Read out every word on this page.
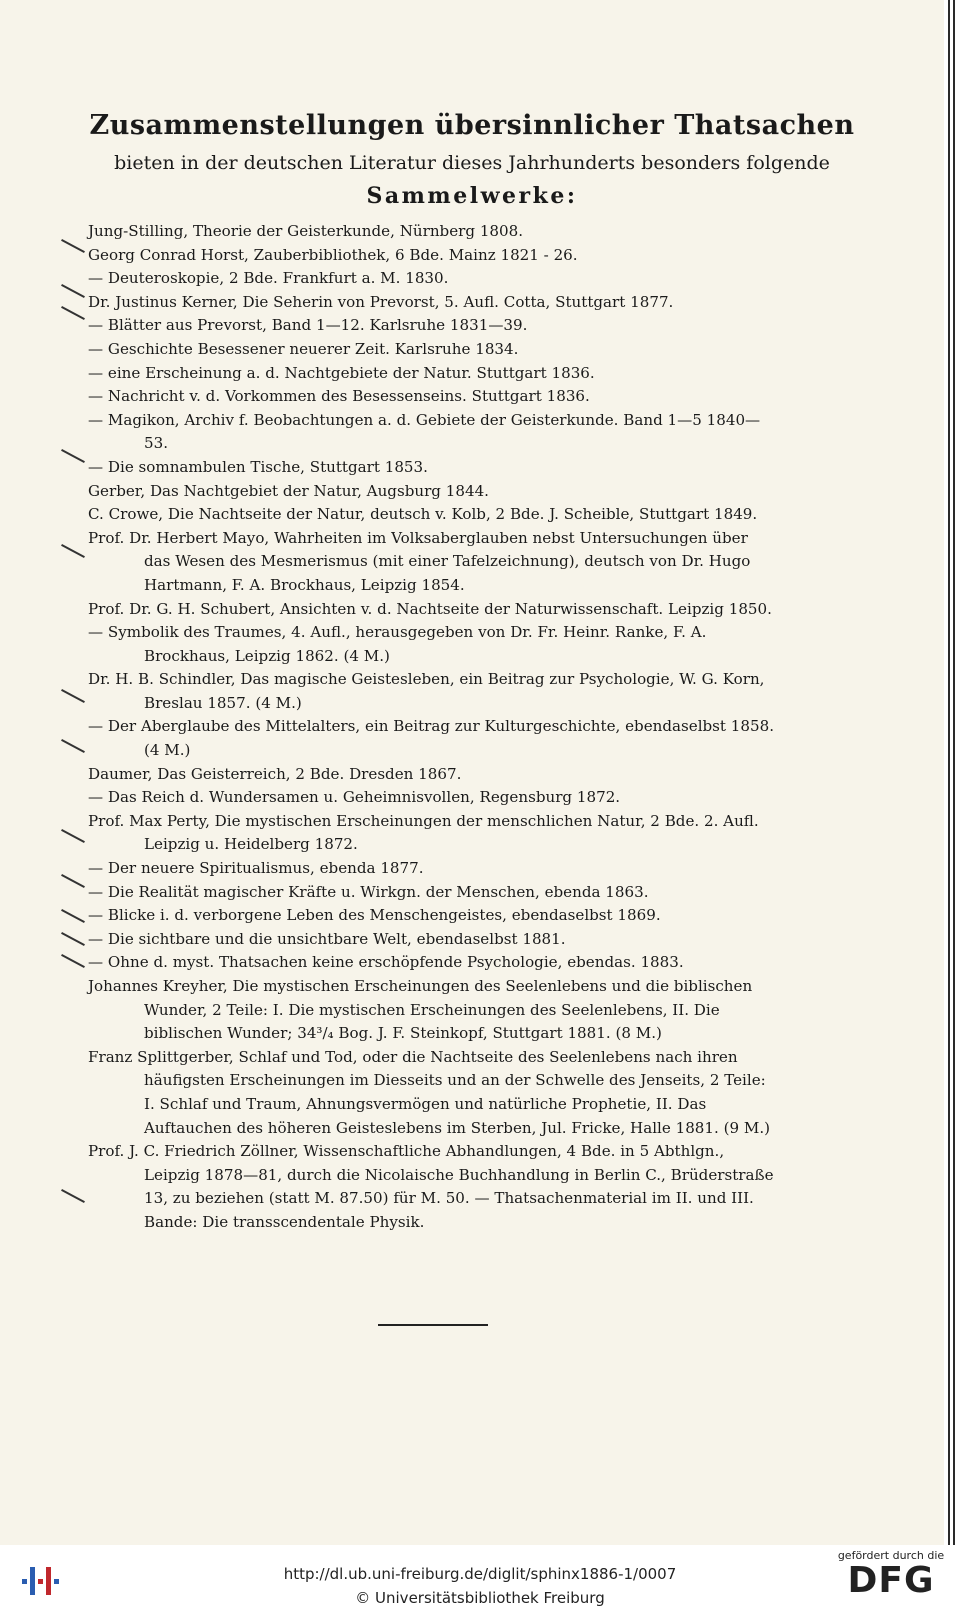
Zusammenstellungen übersinnlicher Thatsachen
bieten in der deutschen Literatur dieses Jahrhunderts besonders folgende
Sammelwerke:
Jung-Stilling, Theorie der Geisterkunde, Nürnberg 1808.
Georg Conrad Horst, Zauberbibliothek, 6 Bde. Mainz 1821 - 26.
— Deuteroskopie, 2 Bde. Frankfurt a. M. 1830.
Dr. Justinus Kerner, Die Seherin von Prevorst, 5. Aufl. Cotta, Stuttgart 1877.
— Blätter aus Prevorst, Band 1—12. Karlsruhe 1831—39.
— Geschichte Besessener neuerer Zeit. Karlsruhe 1834.
— eine Erscheinung a. d. Nachtgebiete der Natur. Stuttgart 1836.
— Nachricht v. d. Vorkommen des Besessenseins. Stuttgart 1836.
— Magikon, Archiv f. Beobachtungen a. d. Gebiete der Geisterkunde. Band 1—5 1840—53.
— Die somnambulen Tische, Stuttgart 1853.
Gerber, Das Nachtgebiet der Natur, Augsburg 1844.
C. Crowe, Die Nachtseite der Natur, deutsch v. Kolb, 2 Bde. J. Scheible, Stuttgart 1849.
Prof. Dr. Herbert Mayo, Wahrheiten im Volksaberglauben nebst Untersuchungen über das Wesen des Mesmerismus (mit einer Tafelzeichnung), deutsch von Dr. Hugo Hartmann, F. A. Brockhaus, Leipzig 1854.
Prof. Dr. G. H. Schubert, Ansichten v. d. Nachtseite der Naturwissenschaft. Leipzig 1850.
— Symbolik des Traumes, 4. Aufl., herausgegeben von Dr. Fr. Heinr. Ranke, F. A. Brockhaus, Leipzig 1862. (4 M.)
Dr. H. B. Schindler, Das magische Geistesleben, ein Beitrag zur Psychologie, W. G. Korn, Breslau 1857. (4 M.)
— Der Aberglaube des Mittelalters, ein Beitrag zur Kulturgeschichte, ebendaselbst 1858. (4 M.)
Daumer, Das Geisterreich, 2 Bde. Dresden 1867.
— Das Reich d. Wundersamen u. Geheimnisvollen, Regensburg 1872.
Prof. Max Perty, Die mystischen Erscheinungen der menschlichen Natur, 2 Bde. 2. Aufl. Leipzig u. Heidelberg 1872.
— Der neuere Spiritualismus, ebenda 1877.
— Die Realität magischer Kräfte u. Wirkgn. der Menschen, ebenda 1863.
— Blicke i. d. verborgene Leben des Menschengeistes, ebendaselbst 1869.
— Die sichtbare und die unsichtbare Welt, ebendaselbst 1881.
— Ohne d. myst. Thatsachen keine erschöpfende Psychologie, ebendas. 1883.
Johannes Kreyher, Die mystischen Erscheinungen des Seelenlebens und die biblischen Wunder, 2 Teile: I. Die mystischen Erscheinungen des Seelenlebens, II. Die biblischen Wunder; 34³/₄ Bog. J. F. Steinkopf, Stuttgart 1881. (8 M.)
Franz Splittgerber, Schlaf und Tod, oder die Nachtseite des Seelenlebens nach ihren häufigsten Erscheinungen im Diesseits und an der Schwelle des Jenseits, 2 Teile: I. Schlaf und Traum, Ahnungsvermögen und natürliche Prophetie, II. Das Auftauchen des höheren Geisteslebens im Sterben, Jul. Fricke, Halle 1881. (9 M.)
Prof. J. C. Friedrich Zöllner, Wissenschaftliche Abhandlungen, 4 Bde. in 5 Abthlgn., Leipzig 1878—81, durch die Nicolaische Buchhandlung in Berlin C., Brüderstraße 13, zu beziehen (statt M. 87.50) für M. 50. — Thatsachenmaterial im II. und III. Bande: Die transscendentale Physik.
http://dl.ub.uni-freiburg.de/diglit/sphinx1886-1/0007
© Universitätsbibliothek Freiburg
gefördert durch die
DFG
